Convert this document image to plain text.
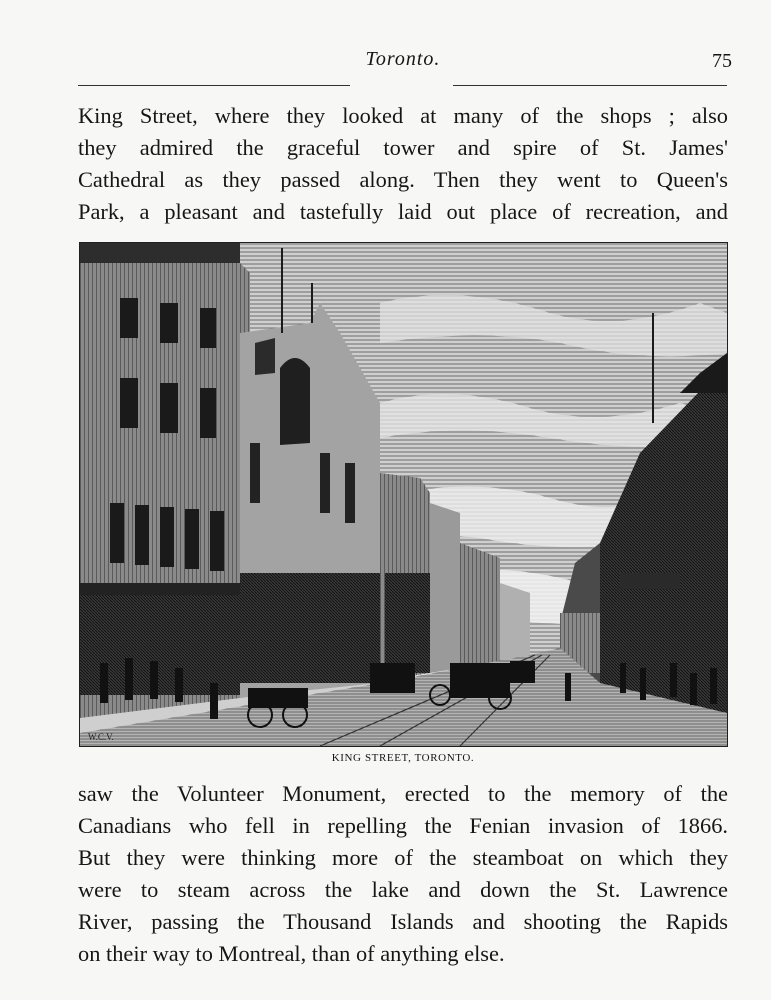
Toronto.	75
King Street, where they looked at many of the shops ; also
they admired the graceful tower and spire of St. James'
Cathedral as they passed along. Then they went to Queen's
Park, a pleasant and tastefully laid out place of recreation, and
W.C.V.
KING STREET, TORONTO.
saw the Volunteer Monument, erected to the memory of the
Canadians who fell in repelling the Fenian invasion of 1866.
But they were thinking more of the steamboat on which they
were to steam across the lake and down the St. Lawrence
River, passing the Thousand Islands and shooting the Rapids
on their way to Montreal, than of anything else.
